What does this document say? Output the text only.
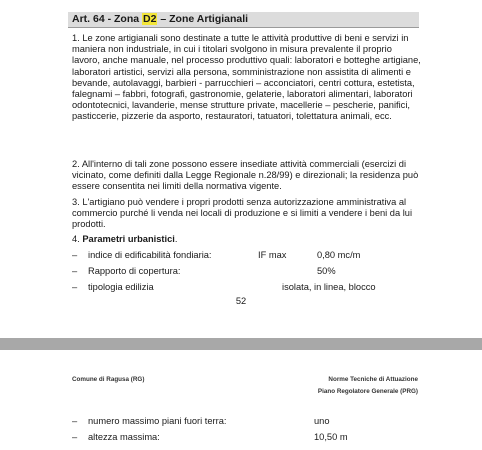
Art. 64 - Zona D2 – Zone Artigianali
1. Le zone artigianali sono destinate a tutte le attività produttive di beni e servizi in maniera non industriale, in cui i titolari svolgono in misura prevalente il proprio lavoro, anche manuale, nel processo produttivo quali: laboratori e botteghe artigiane, laboratori artistici, servizi alla persona, somministrazione non assistita di alimenti e bevande, autolavaggi, barbieri - parrucchieri – acconciatori, centri cottura, estetista, falegnami – fabbri, fotografi, gastronomie, gelaterie, laboratori alimentari, laboratori odontotecnici, lavanderie, mense strutture private, macellerie – pescherie, panifici, pasticcerie, pizzerie da asporto, restauratori, tatuatori, tolettatura animali, ecc.
2. All'interno di tali zone possono essere insediate attività commerciali (esercizi di vicinato, come definiti dalla Legge Regionale n.28/99) e direzionali; la residenza può essere consentita nei limiti della normativa vigente.
3. L'artigiano può vendere i propri prodotti senza autorizzazione amministrativa al commercio purché li venda nei locali di produzione e si limiti a vendere i beni da lui prodotti.
4. Parametri urbanistici.
– indice di edificabilità fondiaria:	IF max	0,80 mc/m
– Rapporto di copertura:	50%
– tipologia edilizia	isolata, in linea, blocco
52
Comune di Ragusa (RG)	Norme Tecniche di Attuazione
Piano Regolatore Generale (PRG)
– numero massimo piani fuori terra:	uno
– altezza massima:	10,50 m
